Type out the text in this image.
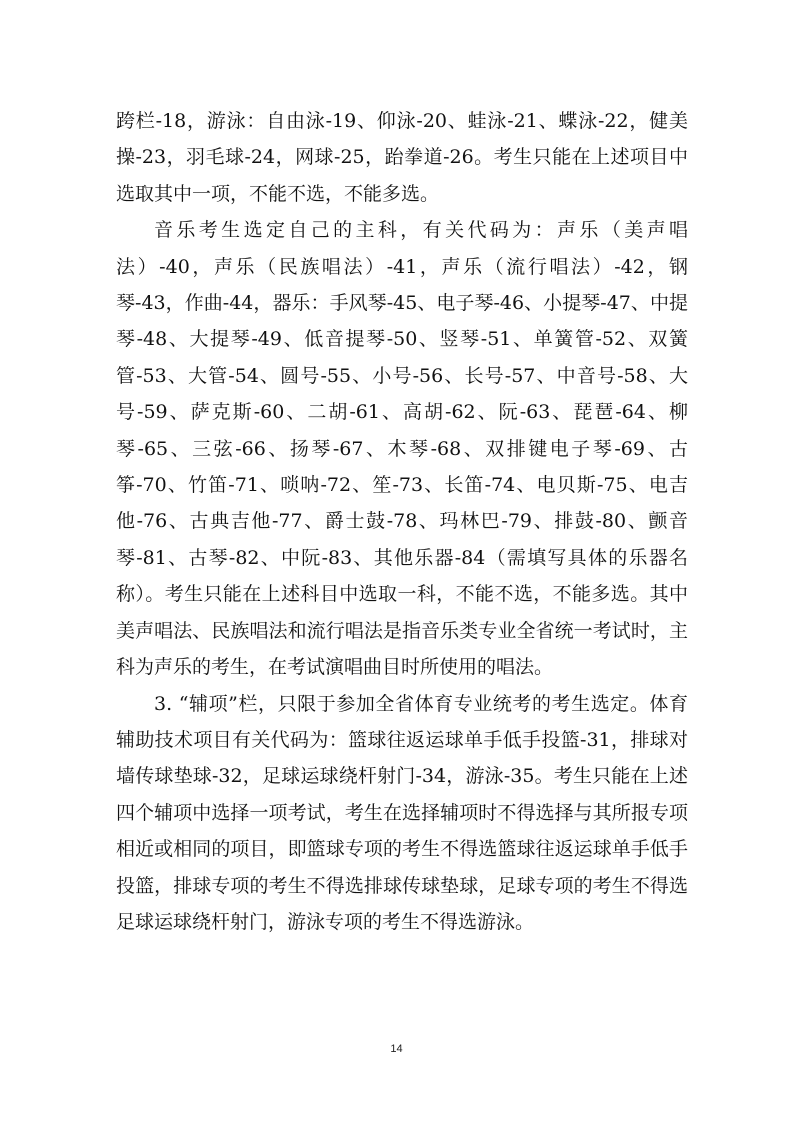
跨栏-18，游泳：自由泳-19、仰泳-20、蛙泳-21、蝶泳-22，健美操-23，羽毛球-24，网球-25，跆拳道-26。考生只能在上述项目中选取其中一项，不能不选，不能多选。

音乐考生选定自己的主科，有关代码为：声乐（美声唱法）-40，声乐（民族唱法）-41，声乐（流行唱法）-42，钢琴-43，作曲-44，器乐：手风琴-45、电子琴-46、小提琴-47、中提琴-48、大提琴-49、低音提琴-50、竖琴-51、单簧管-52、双簧管-53、大管-54、圆号-55、小号-56、长号-57、中音号-58、大号-59、萨克斯-60、二胡-61、高胡-62、阮-63、琵琶-64、柳琴-65、三弦-66、扬琴-67、木琴-68、双排键电子琴-69、古筝-70、竹笛-71、唢呐-72、笙-73、长笛-74、电贝斯-75、电吉他-76、古典吉他-77、爵士鼓-78、玛林巴-79、排鼓-80、颤音琴-81、古琴-82、中阮-83、其他乐器-84（需填写具体的乐器名称）。考生只能在上述科目中选取一科，不能不选，不能多选。其中美声唱法、民族唱法和流行唱法是指音乐类专业全省统一考试时，主科为声乐的考生，在考试演唱曲目时所使用的唱法。

3. “辅项”栏，只限于参加全省体育专业统考的考生选定。体育辅助技术项目有关代码为：篮球往返运球单手低手投篮-31，排球对墙传球垫球-32，足球运球绕杆射门-34，游泳-35。考生只能在上述四个辅项中选择一项考试，考生在选择辅项时不得选择与其所报专项相近或相同的项目，即篮球专项的考生不得选篮球往返运球单手低手投篮，排球专项的考生不得选排球传球垫球，足球专项的考生不得选足球运球绕杆射门，游泳专项的考生不得选游泳。

14
